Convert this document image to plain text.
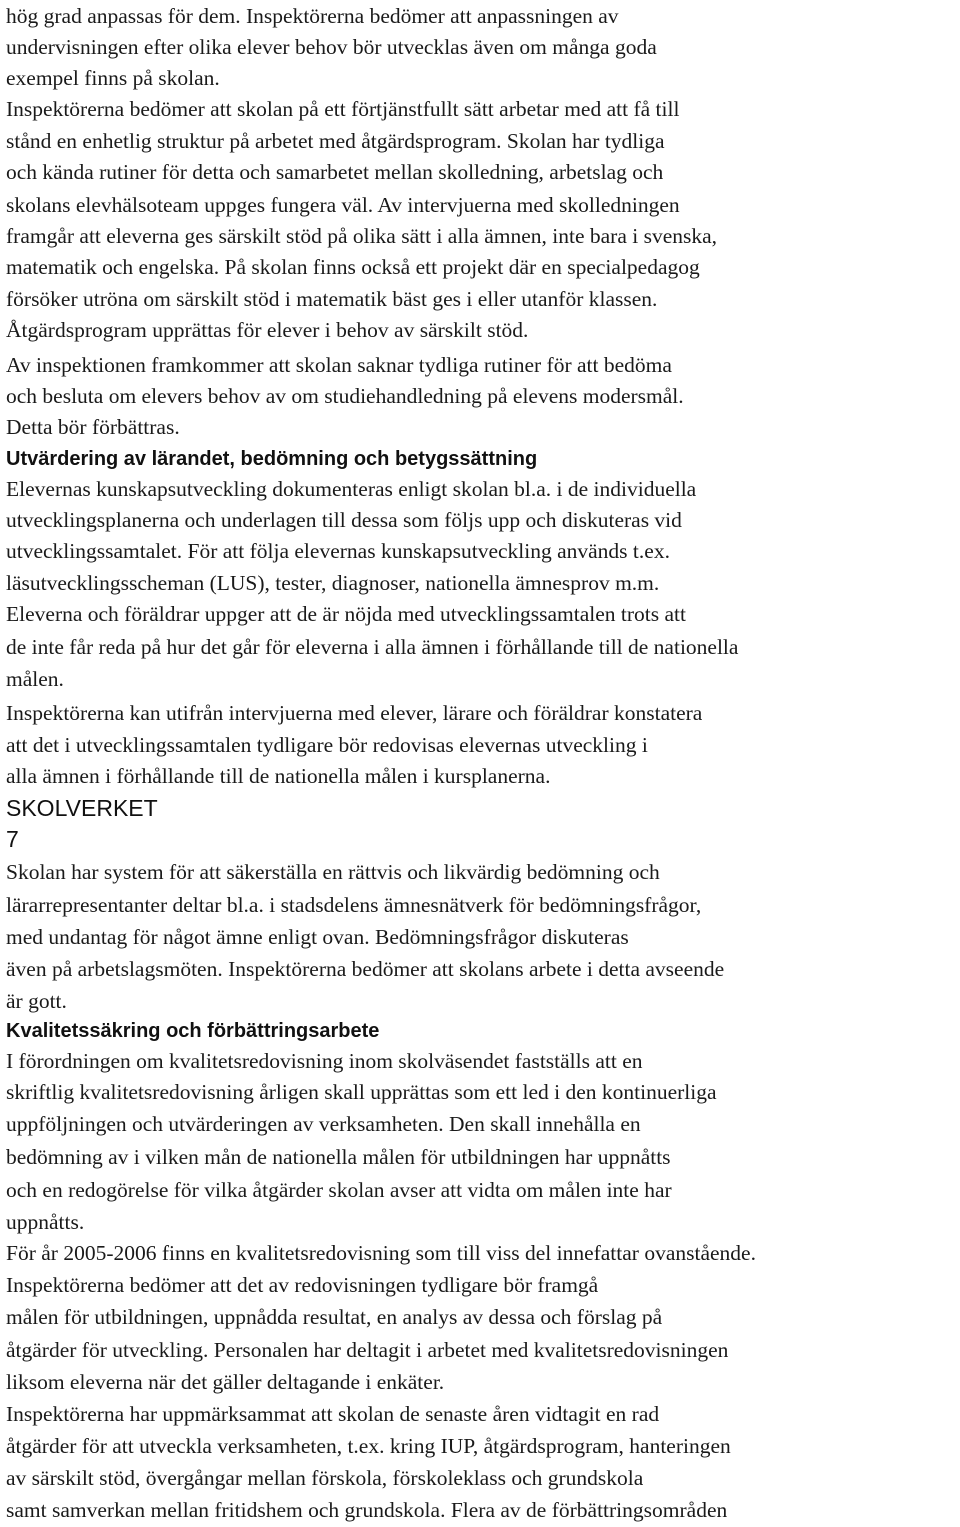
hög grad anpassas för dem. Inspektörerna bedömer att anpassningen av
undervisningen efter olika elever behov bör utvecklas även om många goda
exempel finns på skolan.
Inspektörerna bedömer att skolan på ett förtjänstfullt sätt arbetar med att få till
stånd en enhetlig struktur på arbetet med åtgärdsprogram. Skolan har tydliga
och kända rutiner för detta och samarbetet mellan skolledning, arbetslag och
skolans elevhälsoteam uppges fungera väl. Av intervjuerna med skolledningen
framgår att eleverna ges särskilt stöd på olika sätt i alla ämnen, inte bara i svenska,
matematik och engelska. På skolan finns också ett projekt där en specialpedagog
försöker utröna om särskilt stöd i matematik bäst ges i eller utanför klassen.
Åtgärdsprogram upprättas för elever i behov av särskilt stöd.
Av inspektionen framkommer att skolan saknar tydliga rutiner för att bedöma
och besluta om elevers behov av om studiehandledning på elevens modersmål.
Detta bör förbättras.
Utvärdering av lärandet, bedömning och betygssättning
Elevernas kunskapsutveckling dokumenteras enligt skolan bl.a. i de individuella
utvecklingsplanerna och underlagen till dessa som följs upp och diskuteras vid
utvecklingssamtalet. För att följa elevernas kunskapsutveckling används t.ex.
läsutvecklingsscheman (LUS), tester, diagnoser, nationella ämnesprov m.m.
Eleverna och föräldrar uppger att de är nöjda med utvecklingssamtalen trots att
de inte får reda på hur det går för eleverna i alla ämnen i förhållande till de nationella
målen.
Inspektörerna kan utifrån intervjuerna med elever, lärare och föräldrar konstatera
att det i utvecklingssamtalen tydligare bör redovisas elevernas utveckling i
alla ämnen i förhållande till de nationella målen i kursplanerna.
SKOLVERKET
7
Skolan har system för att säkerställa en rättvis och likvärdig bedömning och
lärarrepresentanter deltar bl.a. i stadsdelens ämnesnätverk för bedömningsfrågor,
med undantag för något ämne enligt ovan. Bedömningsfrågor diskuteras
även på arbetslagsmöten. Inspektörerna bedömer att skolans arbete i detta avseende
är gott.
Kvalitetssäkring och förbättringsarbete
I förordningen om kvalitetsredovisning inom skolväsendet fastställs att en
skriftlig kvalitetsredovisning årligen skall upprättas som ett led i den kontinuerliga
uppföljningen och utvärderingen av verksamheten. Den skall innehålla en
bedömning av i vilken mån de nationella målen för utbildningen har uppnåtts
och en redogörelse för vilka åtgärder skolan avser att vidta om målen inte har
uppnåtts.
För år 2005-2006 finns en kvalitetsredovisning som till viss del innefattar ovanstående.
Inspektörerna bedömer att det av redovisningen tydligare bör framgå
målen för utbildningen, uppnådda resultat, en analys av dessa och förslag på
åtgärder för utveckling. Personalen har deltagit i arbetet med kvalitetsredovisningen
liksom eleverna när det gäller deltagande i enkäter.
Inspektörerna har uppmärksammat att skolan de senaste åren vidtagit en rad
åtgärder för att utveckla verksamheten, t.ex. kring IUP, åtgärdsprogram, hanteringen
av särskilt stöd, övergångar mellan förskola, förskoleklass och grundskola
samt samverkan mellan fritidshem och grundskola. Flera av de förbättringsområden
